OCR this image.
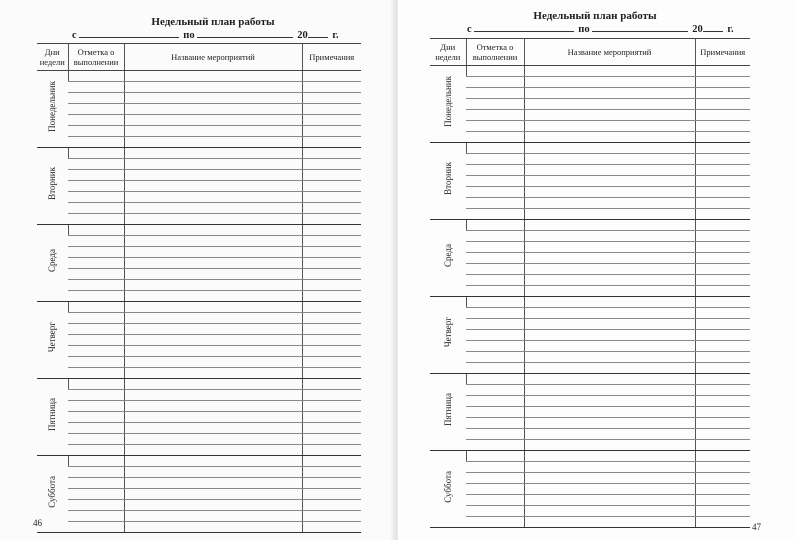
Недельный план работы
с	по	20 г.
Дни недели	Отметка о выполнении	Название мероприятий	Примечания
Понедельник			

Вторник			

Среда			

Четверг			

Пятница			

Суббота			

46
Недельный план работы
с	по	20 г.
Дни недели	Отметка о выполнении	Название мероприятий	Примечания
Понедельник			

Вторник			

Среда			

Четверг			

Пятница			

Суббота			

47
